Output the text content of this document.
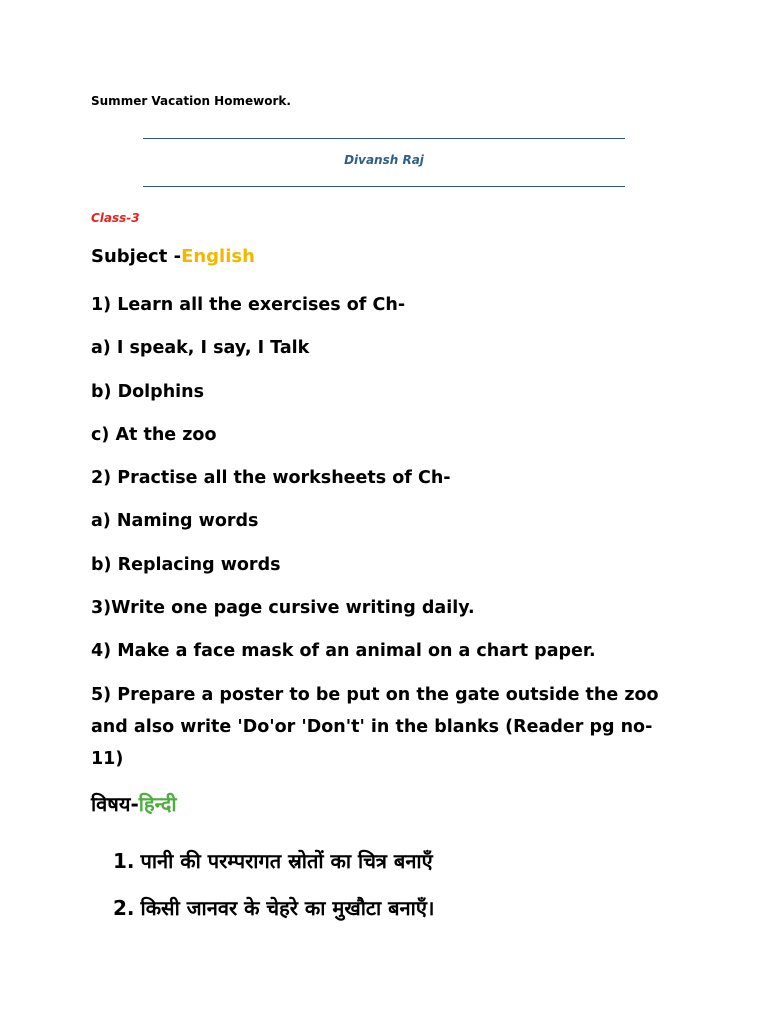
Summer Vacation Homework.
Divansh Raj
Class-3
Subject -English
1) Learn all the exercises of Ch-
a) I speak, I say, I Talk
b) Dolphins
c) At the zoo
2) Practise all the worksheets of Ch-
a) Naming words
b) Replacing words
3)Write one page cursive writing daily.
4) Make a face mask of an animal on a chart paper.
5) Prepare a poster to be put on the gate outside the zoo and also write 'Do'or 'Don't' in the blanks (Reader pg no-11)
विषय-हिन्दी
1. पानी की परम्परागत स्रोतों का चित्र बनाएँ
2. किसी जानवर के चेहरे का मुखौटा बनाएँ।
